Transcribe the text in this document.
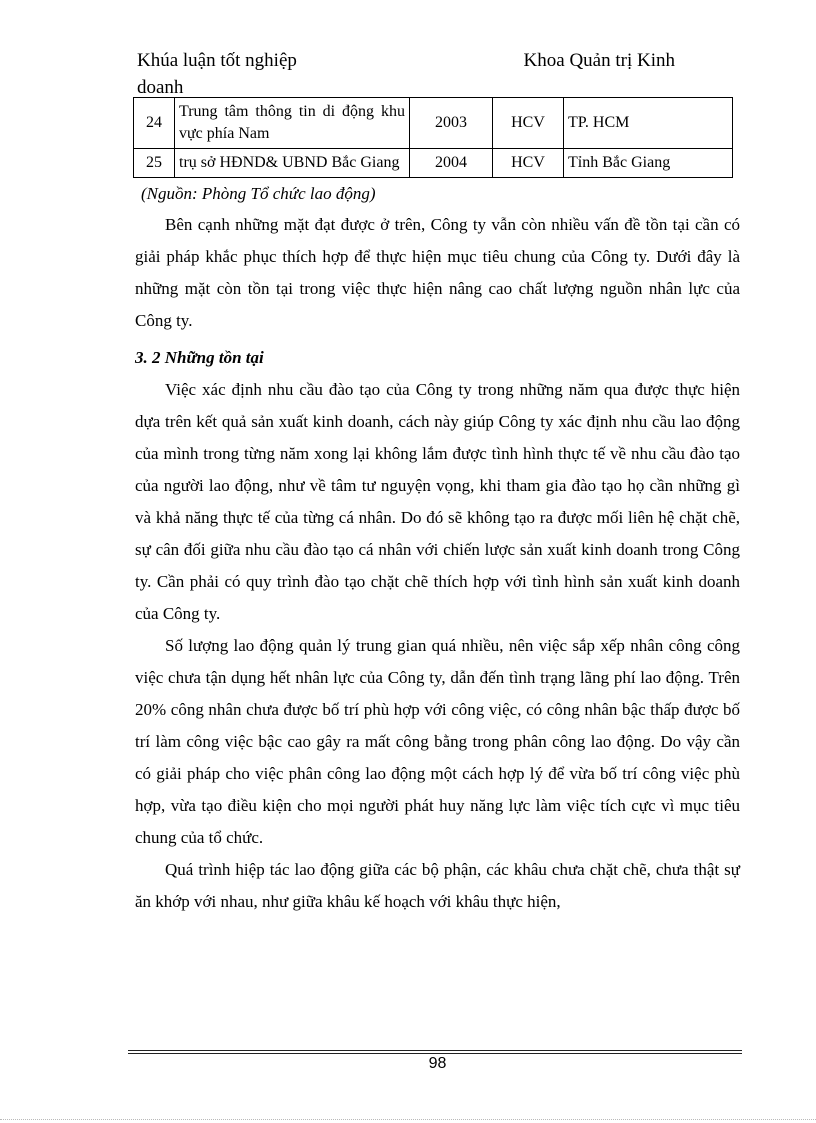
Khúa luận tốt nghiệp	Khoa Quản trị Kinh
doanh
24	Trung tâm thông tin di động khu vực phía Nam	2003	HCV	TP. HCM
25	trụ sở HĐND& UBND Bắc Giang	2004	HCV	Tỉnh Bắc Giang

(Nguồn: Phòng Tổ chức lao động)

Bên cạnh những mặt đạt được ở trên, Công ty vẫn còn nhiều vấn đề tồn tại cần có giải pháp khắc phục thích hợp để thực hiện mục tiêu chung của Công ty. Dưới đây là những mặt còn tồn tại trong việc thực hiện nâng cao chất lượng nguồn nhân lực của Công ty.

3. 2 Những tồn tại

Việc xác định nhu cầu đào tạo của Công ty trong những năm qua được thực hiện dựa trên kết quả sản xuất kinh doanh, cách này giúp Công ty xác định nhu cầu lao động của mình trong từng năm xong lại không lắm được tình hình thực tế về nhu cầu đào tạo của người lao động, như về tâm tư nguyện vọng, khi tham gia đào tạo họ cần những gì và khả năng thực tế của từng cá nhân. Do đó sẽ không tạo ra được mối liên hệ chặt chẽ, sự cân đối giữa nhu cầu đào tạo cá nhân với chiến lược sản xuất kinh doanh trong Công ty. Cần phải có quy trình đào tạo chặt chẽ thích hợp với tình hình sản xuất kinh doanh của Công ty.

Số lượng lao động quản lý trung gian quá nhiều, nên việc sắp xếp nhân công công việc chưa tận dụng hết nhân lực của Công ty, dẫn đến tình trạng lãng phí lao động. Trên 20% công nhân chưa được bố trí phù hợp với công việc, có công nhân bậc thấp được bố trí làm công việc bậc cao gây ra mất công bằng trong phân công lao động. Do vậy cần có giải pháp cho việc phân công lao động một cách hợp lý để vừa bố trí công việc phù hợp, vừa tạo điều kiện cho mọi người phát huy năng lực làm việc tích cực vì mục tiêu chung của tổ chức.

Quá trình hiệp tác lao động giữa các bộ phận, các khâu chưa chặt chẽ, chưa thật sự ăn khớp với nhau, như giữa khâu kế hoạch với khâu thực hiện,

98
